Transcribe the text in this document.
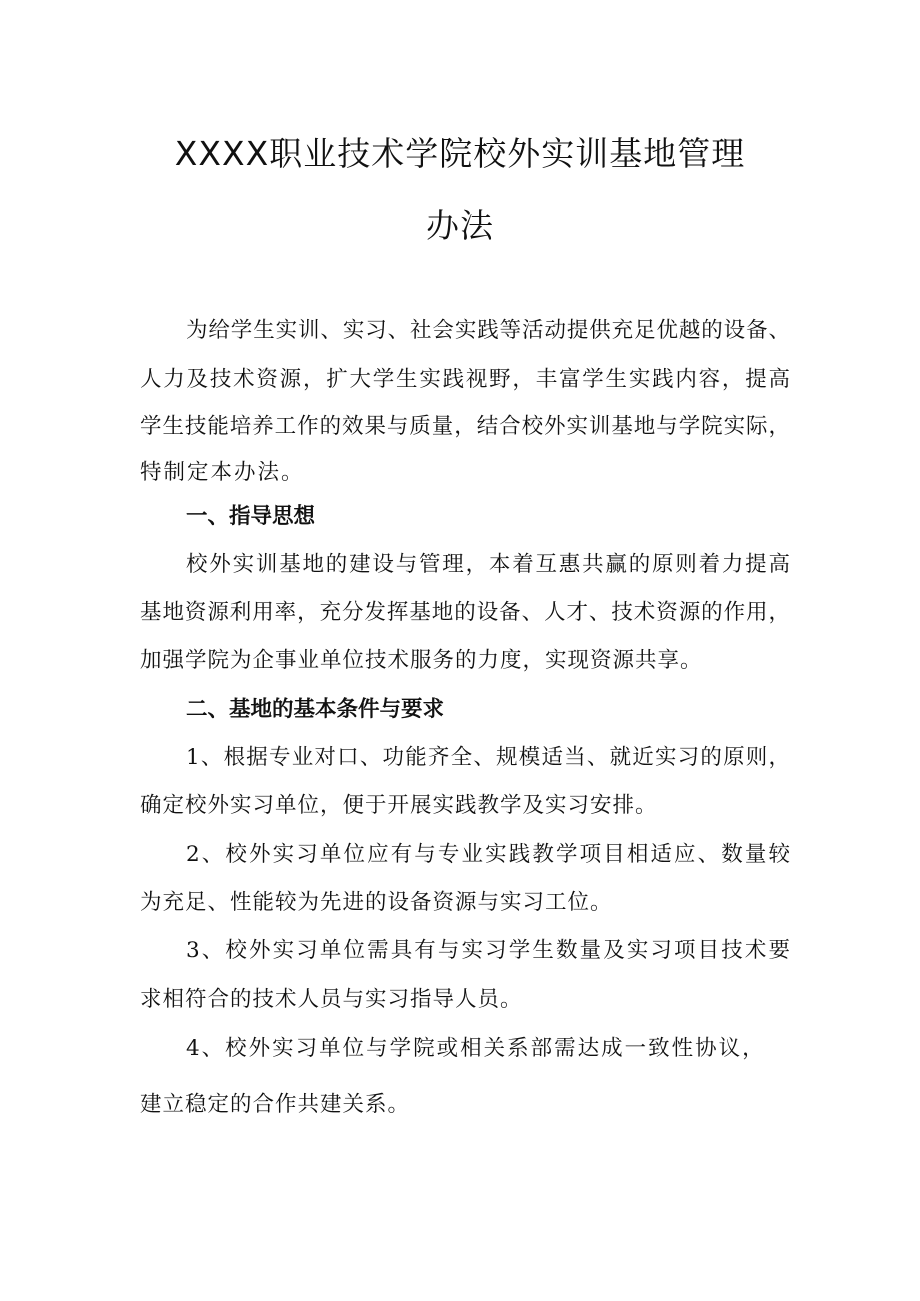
XXXX职业技术学院校外实训基地管理
办法

为给学生实训、实习、社会实践等活动提供充足优越的设备、

人力及技术资源，扩大学生实践视野，丰富学生实践内容，提高

学生技能培养工作的效果与质量，结合校外实训基地与学院实际，

特制定本办法。

一、指导思想

校外实训基地的建设与管理，本着互惠共赢的原则着力提高

基地资源利用率，充分发挥基地的设备、人才、技术资源的作用，

加强学院为企事业单位技术服务的力度，实现资源共享。

二、基地的基本条件与要求

1、根据专业对口、功能齐全、规模适当、就近实习的原则，

确定校外实习单位，便于开展实践教学及实习安排。

2、校外实习单位应有与专业实践教学项目相适应、数量较

为充足、性能较为先进的设备资源与实习工位。

3、校外实习单位需具有与实习学生数量及实习项目技术要

求相符合的技术人员与实习指导人员。

4、校外实习单位与学院或相关系部需达成一致性协议，

建立稳定的合作共建关系。
